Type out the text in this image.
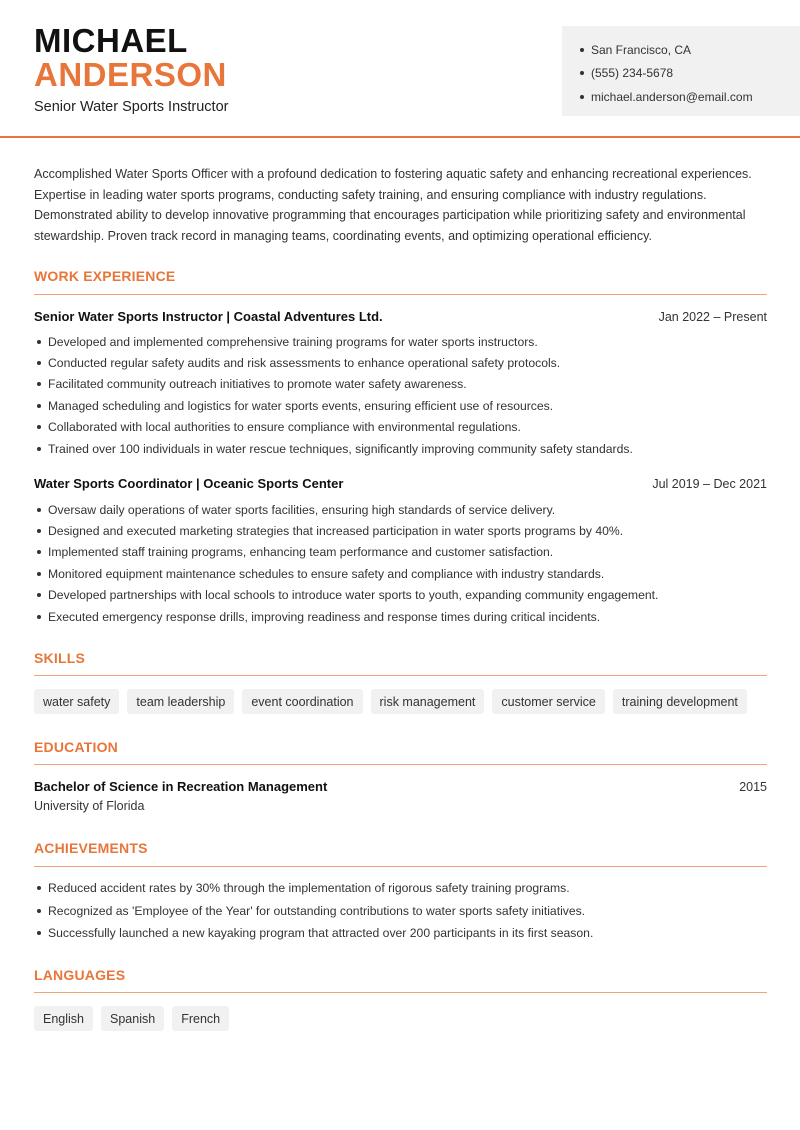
MICHAEL
ANDERSON
Senior Water Sports Instructor
San Francisco, CA
(555) 234-5678
michael.anderson@email.com

Accomplished Water Sports Officer with a profound dedication to fostering aquatic safety and enhancing recreational experiences. Expertise in leading water sports programs, conducting safety training, and ensuring compliance with industry regulations. Demonstrated ability to develop innovative programming that encourages participation while prioritizing safety and environmental stewardship. Proven track record in managing teams, coordinating events, and optimizing operational efficiency.

WORK EXPERIENCE
Senior Water Sports Instructor | Coastal Adventures Ltd.	Jan 2022 – Present
Developed and implemented comprehensive training programs for water sports instructors.
Conducted regular safety audits and risk assessments to enhance operational safety protocols.
Facilitated community outreach initiatives to promote water safety awareness.
Managed scheduling and logistics for water sports events, ensuring efficient use of resources.
Collaborated with local authorities to ensure compliance with environmental regulations.
Trained over 100 individuals in water rescue techniques, significantly improving community safety standards.
Water Sports Coordinator | Oceanic Sports Center	Jul 2019 – Dec 2021
Oversaw daily operations of water sports facilities, ensuring high standards of service delivery.
Designed and executed marketing strategies that increased participation in water sports programs by 40%.
Implemented staff training programs, enhancing team performance and customer satisfaction.
Monitored equipment maintenance schedules to ensure safety and compliance with industry standards.
Developed partnerships with local schools to introduce water sports to youth, expanding community engagement.
Executed emergency response drills, improving readiness and response times during critical incidents.
SKILLS
water safety	team leadership	event coordination	risk management	customer service	training development
EDUCATION
Bachelor of Science in Recreation Management	2015
University of Florida
ACHIEVEMENTS
Reduced accident rates by 30% through the implementation of rigorous safety training programs.
Recognized as 'Employee of the Year' for outstanding contributions to water sports safety initiatives.
Successfully launched a new kayaking program that attracted over 200 participants in its first season.
LANGUAGES
English	Spanish	French
